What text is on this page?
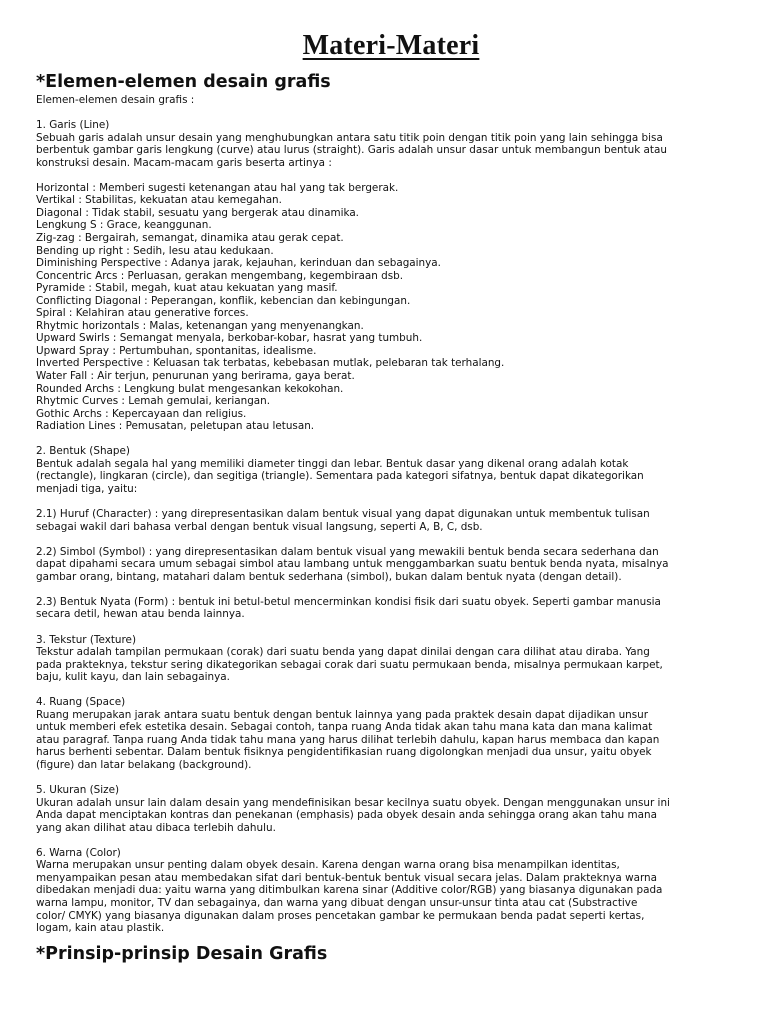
Materi-Materi
*Elemen-elemen desain grafis
Elemen-elemen desain grafis :
1. Garis (Line)
Sebuah garis adalah unsur desain yang menghubungkan antara satu titik poin dengan titik poin yang lain sehingga bisa
berbentuk gambar garis lengkung (curve) atau lurus (straight). Garis adalah unsur dasar untuk membangun bentuk atau
konstruksi desain. Macam-macam garis beserta artinya :
Horizontal : Memberi sugesti ketenangan atau hal yang tak bergerak.
Vertikal : Stabilitas, kekuatan atau kemegahan.
Diagonal : Tidak stabil, sesuatu yang bergerak atau dinamika.
Lengkung S : Grace, keanggunan.
Zig-zag : Bergairah, semangat, dinamika atau gerak cepat.
Bending up right : Sedih, lesu atau kedukaan.
Diminishing Perspective : Adanya jarak, kejauhan, kerinduan dan sebagainya.
Concentric Arcs : Perluasan, gerakan mengembang, kegembiraan dsb.
Pyramide : Stabil, megah, kuat atau kekuatan yang masif.
Conflicting Diagonal : Peperangan, konflik, kebencian dan kebingungan.
Spiral : Kelahiran atau generative forces.
Rhytmic horizontals : Malas, ketenangan yang menyenangkan.
Upward Swirls : Semangat menyala, berkobar-kobar, hasrat yang tumbuh.
Upward Spray : Pertumbuhan, spontanitas, idealisme.
Inverted Perspective : Keluasan tak terbatas, kebebasan mutlak, pelebaran tak terhalang.
Water Fall : Air terjun, penurunan yang berirama, gaya berat.
Rounded Archs : Lengkung bulat mengesankan kekokohan.
Rhytmic Curves : Lemah gemulai, keriangan.
Gothic Archs : Kepercayaan dan religius.
Radiation Lines : Pemusatan, peletupan atau letusan.
2. Bentuk (Shape)
Bentuk adalah segala hal yang memiliki diameter tinggi dan lebar. Bentuk dasar yang dikenal orang adalah kotak
(rectangle), lingkaran (circle), dan segitiga (triangle). Sementara pada kategori sifatnya, bentuk dapat dikategorikan
menjadi tiga, yaitu:
2.1) Huruf (Character) : yang direpresentasikan dalam bentuk visual yang dapat digunakan untuk membentuk tulisan
sebagai wakil dari bahasa verbal dengan bentuk visual langsung, seperti A, B, C, dsb.
2.2) Simbol (Symbol) : yang direpresentasikan dalam bentuk visual yang mewakili bentuk benda secara sederhana dan
dapat dipahami secara umum sebagai simbol atau lambang untuk menggambarkan suatu bentuk benda nyata, misalnya
gambar orang, bintang, matahari dalam bentuk sederhana (simbol), bukan dalam bentuk nyata (dengan detail).
2.3) Bentuk Nyata (Form) : bentuk ini betul-betul mencerminkan kondisi fisik dari suatu obyek. Seperti gambar manusia
secara detil, hewan atau benda lainnya.
3. Tekstur (Texture)
Tekstur adalah tampilan permukaan (corak) dari suatu benda yang dapat dinilai dengan cara dilihat atau diraba. Yang
pada prakteknya, tekstur sering dikategorikan sebagai corak dari suatu permukaan benda, misalnya permukaan karpet,
baju, kulit kayu, dan lain sebagainya.
4. Ruang (Space)
Ruang merupakan jarak antara suatu bentuk dengan bentuk lainnya yang pada praktek desain dapat dijadikan unsur
untuk memberi efek estetika desain. Sebagai contoh, tanpa ruang Anda tidak akan tahu mana kata dan mana kalimat
atau paragraf. Tanpa ruang Anda tidak tahu mana yang harus dilihat terlebih dahulu, kapan harus membaca dan kapan
harus berhenti sebentar. Dalam bentuk fisiknya pengidentifikasian ruang digolongkan menjadi dua unsur, yaitu obyek
(figure) dan latar belakang (background).
5. Ukuran (Size)
Ukuran adalah unsur lain dalam desain yang mendefinisikan besar kecilnya suatu obyek. Dengan menggunakan unsur ini
Anda dapat menciptakan kontras dan penekanan (emphasis) pada obyek desain anda sehingga orang akan tahu mana
yang akan dilihat atau dibaca terlebih dahulu.
6. Warna (Color)
Warna merupakan unsur penting dalam obyek desain. Karena dengan warna orang bisa menampilkan identitas,
menyampaikan pesan atau membedakan sifat dari bentuk-bentuk bentuk visual secara jelas. Dalam prakteknya warna
dibedakan menjadi dua: yaitu warna yang ditimbulkan karena sinar (Additive color/RGB) yang biasanya digunakan pada
warna lampu, monitor, TV dan sebagainya, dan warna yang dibuat dengan unsur-unsur tinta atau cat (Substractive
color/ CMYK) yang biasanya digunakan dalam proses pencetakan gambar ke permukaan benda padat seperti kertas,
logam, kain atau plastik.
*Prinsip-prinsip Desain Grafis
